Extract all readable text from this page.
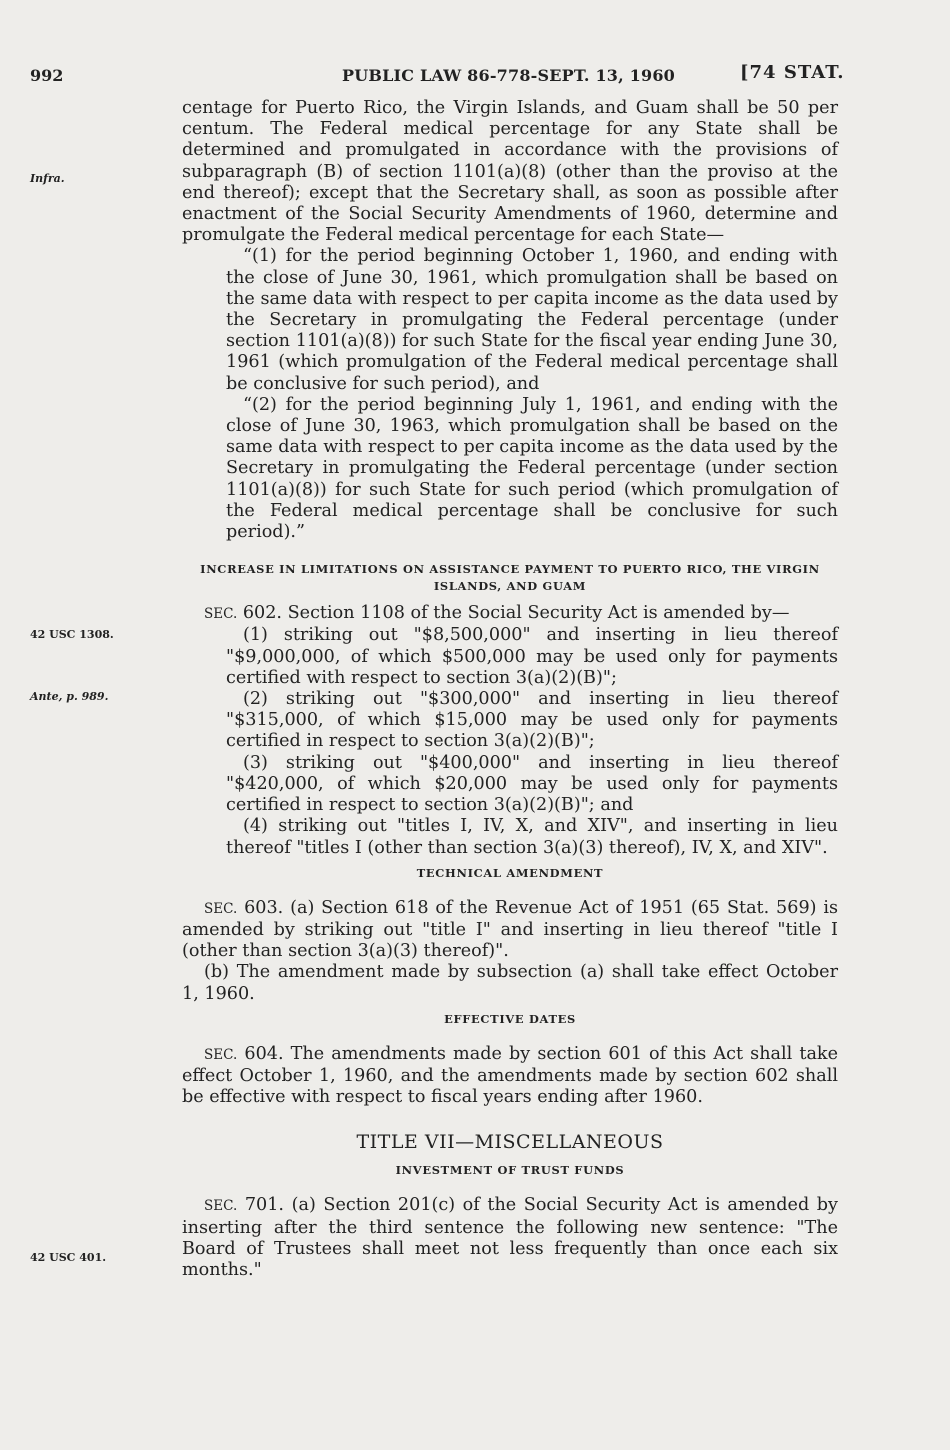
992	PUBLIC LAW 86-778-SEPT. 13, 1960	[74 STAT.
Infra.
42 USC 1308.
Ante, p. 989.
42 USC 401.

centage for Puerto Rico, the Virgin Islands, and Guam shall be 50 per centum. The Federal medical percentage for any State shall be determined and promulgated in accordance with the provisions of subparagraph (B) of section 1101(a)(8) (other than the proviso at the end thereof); except that the Secretary shall, as soon as possible after enactment of the Social Security Amendments of 1960, determine and promulgate the Federal medical percentage for each State—

“(1) for the period beginning October 1, 1960, and ending with the close of June 30, 1961, which promulgation shall be based on the same data with respect to per capita income as the data used by the Secretary in promulgating the Federal percentage (under section 1101(a)(8)) for such State for the fiscal year ending June 30, 1961 (which promulgation of the Federal medical percentage shall be conclusive for such period), and

“(2) for the period beginning July 1, 1961, and ending with the close of June 30, 1963, which promulgation shall be based on the same data with respect to per capita income as the data used by the Secretary in promulgating the Federal percentage (under section 1101(a)(8)) for such State for such period (which promulgation of the Federal medical percentage shall be conclusive for such period).”

INCREASE IN LIMITATIONS ON ASSISTANCE PAYMENT TO PUERTO RICO, THE VIRGIN ISLANDS, AND GUAM

SEC. 602. Section 1108 of the Social Security Act is amended by—

(1) striking out "$8,500,000" and inserting in lieu thereof "$9,000,000, of which $500,000 may be used only for payments certified with respect to section 3(a)(2)(B)";

(2) striking out "$300,000" and inserting in lieu thereof "$315,000, of which $15,000 may be used only for payments certified in respect to section 3(a)(2)(B)";

(3) striking out "$400,000" and inserting in lieu thereof "$420,000, of which $20,000 may be used only for payments certified in respect to section 3(a)(2)(B)"; and

(4) striking out "titles I, IV, X, and XIV", and inserting in lieu thereof "titles I (other than section 3(a)(3) thereof), IV, X, and XIV".

TECHNICAL AMENDMENT

SEC. 603. (a) Section 618 of the Revenue Act of 1951 (65 Stat. 569) is amended by striking out "title I" and inserting in lieu thereof "title I (other than section 3(a)(3) thereof)".

(b) The amendment made by subsection (a) shall take effect October 1, 1960.

EFFECTIVE DATES

SEC. 604. The amendments made by section 601 of this Act shall take effect October 1, 1960, and the amendments made by section 602 shall be effective with respect to fiscal years ending after 1960.

TITLE VII—MISCELLANEOUS
INVESTMENT OF TRUST FUNDS

SEC. 701. (a) Section 201(c) of the Social Security Act is amended by inserting after the third sentence the following new sentence: "The Board of Trustees shall meet not less frequently than once each six months."
